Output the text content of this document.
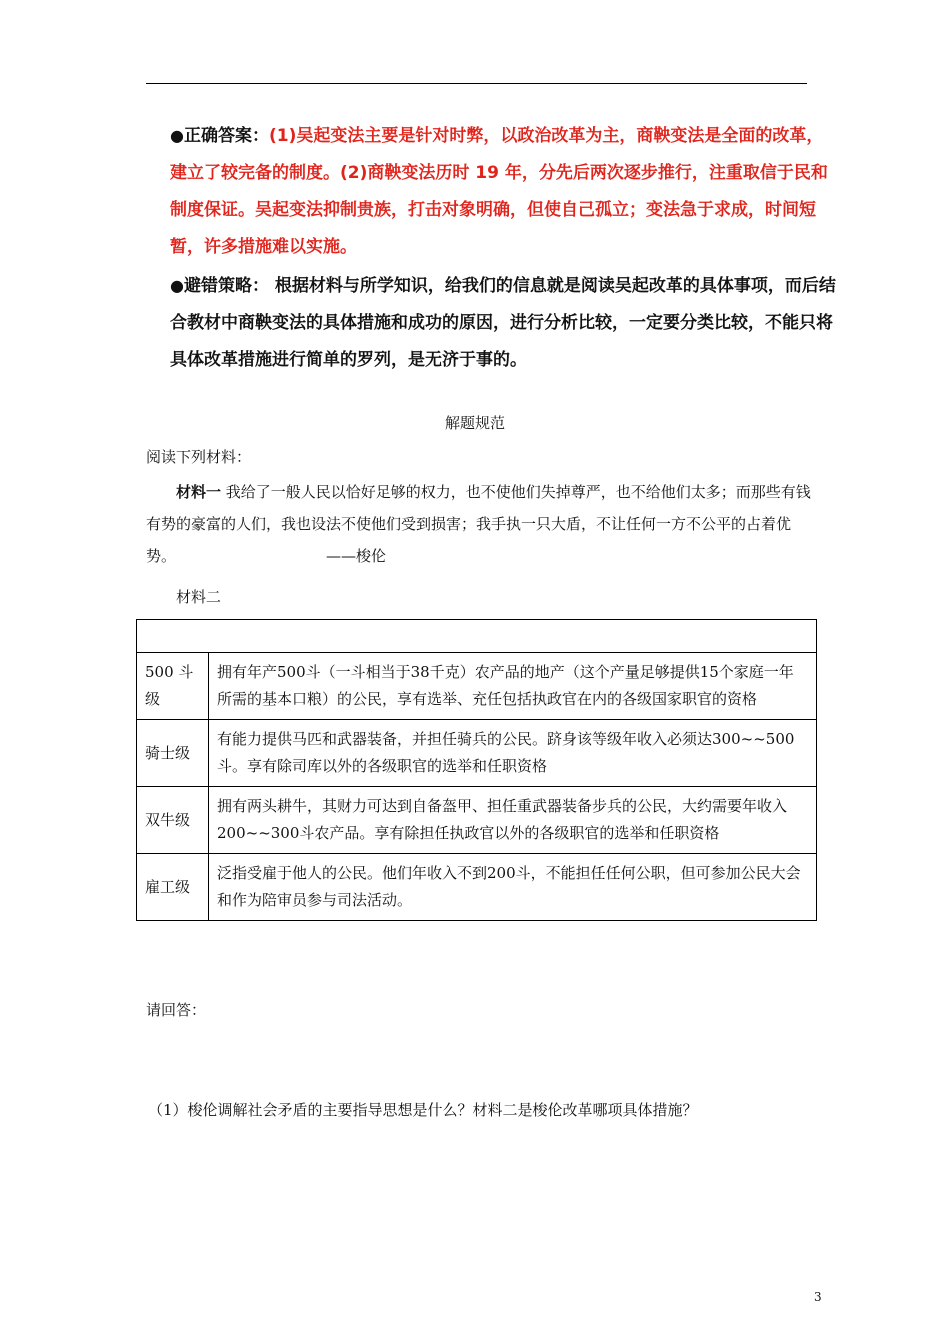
●正确答案：(1)吴起变法主要是针对时弊，以政治改革为主，商鞅变法是全面的改革，建立了较完备的制度。(2)商鞅变法历时 19 年，分先后两次逐步推行，注重取信于民和制度保证。吴起变法抑制贵族，打击对象明确，但使自己孤立；变法急于求成，时间短暂，许多措施难以实施。

●避错策略： 根据材料与所学知识，给我们的信息就是阅读吴起改革的具体事项，而后结合教材中商鞅变法的具体措施和成功的原因，进行分析比较，一定要分类比较，不能只将具体改革措施进行简单的罗列，是无济于事的。

解题规范
阅读下列材料：

材料一 我给了一般人民以恰好足够的权力，也不使他们失掉尊严，也不给他们太多；而那些有钱有势的豪富的人们，我也设法不使他们受到损害；我手执一只大盾，不让任何一方不公平的占着优势。	——梭伦

材料二

500 斗级	拥有年产500斗（一斗相当于38千克）农产品的地产（这个产量足够提供15个家庭一年所需的基本口粮）的公民，享有选举、充任包括执政官在内的各级国家职官的资格
骑士级	有能力提供马匹和武器装备，并担任骑兵的公民。跻身该等级年收入必须达300~~500斗。享有除司库以外的各级职官的选举和任职资格
双牛级	拥有两头耕牛，其财力可达到自备盔甲、担任重武器装备步兵的公民，大约需要年收入200~~300斗农产品。享有除担任执政官以外的各级职官的选举和任职资格
雇工级	泛指受雇于他人的公民。他们年收入不到200斗，不能担任任何公职，但可参加公民大会和作为陪审员参与司法活动。
请回答：
（1）梭伦调解社会矛盾的主要指导思想是什么？材料二是梭伦改革哪项具体措施？
3
